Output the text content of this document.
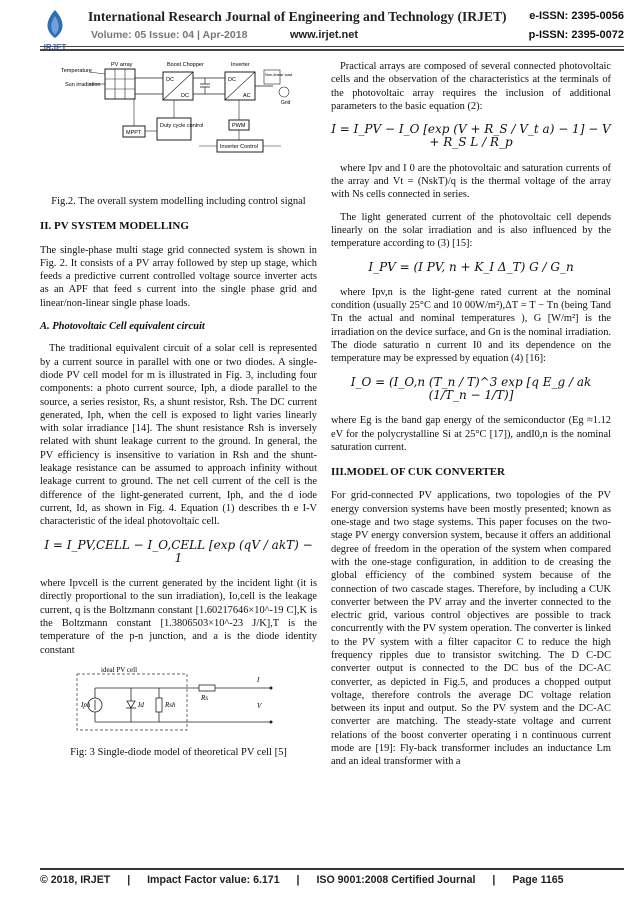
IRJET
International Research Journal of Engineering and Technology (IRJET) e-ISSN: 2395-0056
Volume: 05 Issue: 04 | Apr-2018	www.irjet.net	p-ISSN: 2395-0072
PV array
Temperature
Sun irradiation
Boost Chopper
DC
DC
Inverter
DC
AC
Non-linear load
Grid
MPPT
Duty cycle control	PWM
Inverter Control
Fig.2. The overall system modelling including control signal
II. PV SYSTEM MODELLING

The single-phase multi stage grid connected system is shown in Fig. 2. It consists of a PV array followed by step up stage, which feeds a predictive current controlled voltage source inverter acts as an APF that feed s current into the single phase grid and linear/non-linear single phase loads.

A. Photovoltaic Cell equivalent circuit

The traditional equivalent circuit of a solar cell is represented by a current source in parallel with one or two diodes. A single-diode PV cell model for m is illustrated in Fig. 3, including four components: a photo current source, Iph, a diode parallel to the source, a series resistor, Rs, a shunt resistor, Rsh. The DC current generated, Iph, when the cell is exposed to light varies linearly with solar irradiance [14]. The shunt resistance Rsh is inversely related with shunt leakage current to the ground. In general, the PV efficiency is insensitive to variation in Rsh and the shunt-leakage resistance can be assumed to approach infinity without leakage current to ground. The net cell current of the cell is the difference of the light-generated current, Iph, and the d iode current, Id, as shown in Fig. 4. Equation (1) describes th e I-V characteristic of the ideal photovoltaic cell.

I = I_PV,CELL − I_O,CELL [exp (qV / akT) − 1

where Ipvcell is the current generated by the incident light (it is directly proportional to the sun irradiation), Io,cell is the leakage current, q is the Boltzmann constant [1.60217646×10^-19 C],K is the Boltzmann constant [1.3806503×10^-23 J/K],T is the temperature of the p-n junction, and a is the diode identity constant

ideal PV cell
Iph	Id	Rsh
Rs
I
V
Fig: 3 Single-diode model of theoretical PV cell [5]

Practical arrays are composed of several connected photovoltaic cells and the observation of the characteristics at the terminals of the photovoltaic array requires the inclusion of additional parameters to the basic equation (2):

I = I_PV − I_O [exp (V + R_S / V_t a) − 1] − V + R_S L / R_p

where Ipv and I 0 are the photovoltaic and saturation currents of the array and Vt = (NskT)/q is the thermal voltage of the array with Ns cells connected in series.

The light generated current of the photovoltaic cell depends linearly on the solar irradiation and is also influenced by the temperature according to (3) [15]:

I_PV = (I PV, n + K_I Δ_T) G / G_n

where Ipv,n is the light-gene rated current at the nominal condition (usually 25°C and 10 00W/m²),ΔT = T − Tn (being Tand Tn the actual and nominal temperatures ), G [W/m²] is the irradiation on the device surface, and Gn is the nominal irradiation. The diode saturatio n current I0 and its dependence on the temperature may be expressed by equation (4) [16]:

I_O = (I_O,n (T_n / T)^3 exp [q E_g / ak (1/T_n − 1/T)]

where Eg is the band gap energy of the semiconductor (Eg ≈1.12 eV for the polycrystalline Si at 25°C [17]), andI0,n is the nominal saturation current.

III.MODEL OF CUK CONVERTER

For grid-connected PV applications, two topologies of the PV energy conversion systems have been mostly presented; known as one-stage and two stage systems. This paper focuses on the two-stage PV energy conversion system, because it offers an additional degree of freedom in the operation of the system when compared with the one-stage configuration, in addition to de creasing the global efficiency of the combined system because of the connection of two cascade stages. Therefore, by including a CUK converter between the PV array and the inverter connected to the electric grid, various control objectives are possible to track concurrently with the PV system operation. The converter is linked to the PV system with a filter capacitor C to reduce the high frequency ripples due to transistor switching. The D C-DC converter output is connected to the DC bus of the DC-AC converter, as depicted in Fig.5, and produces a chopped output voltage, therefore controls the average DC voltage relation between its input and output. So the PV system and the DC-AC converter are matching. The steady-state voltage and current relations of the boost converter operating i n continuous current mode are [19]: Fly-back transformer includes an inductance Lm and an ideal transformer with a

© 2018, IRJET | Impact Factor value: 6.171 | ISO 9001:2008 Certified Journal | Page 1165
